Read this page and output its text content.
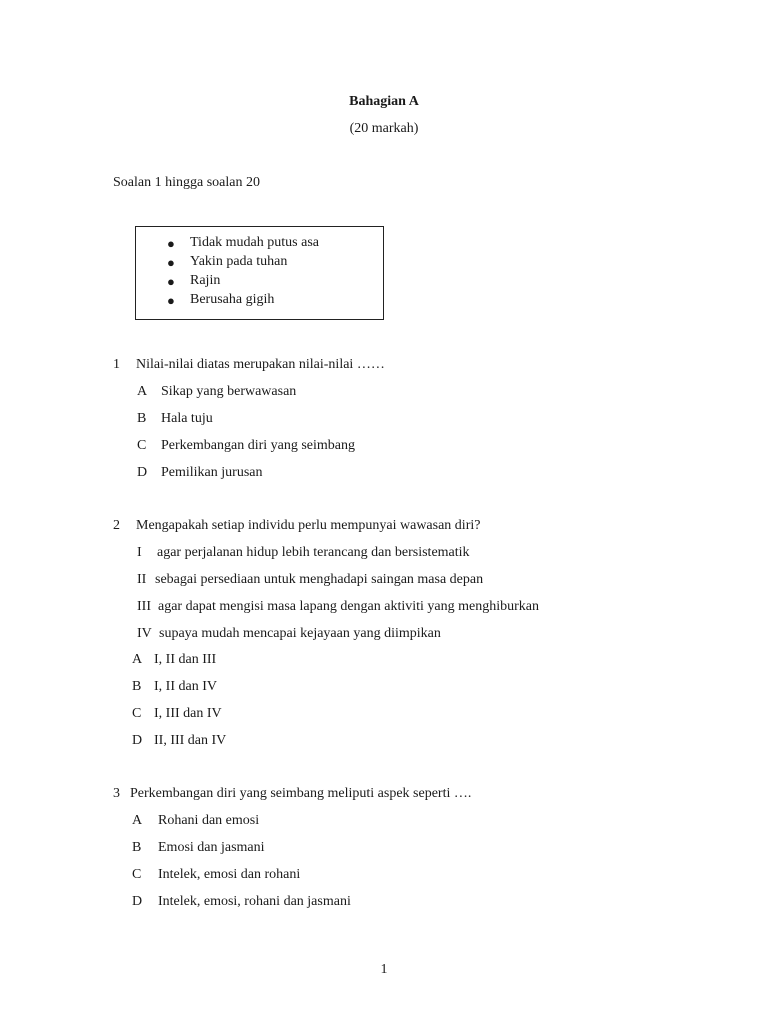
Bahagian A
(20 markah)
Soalan 1 hingga soalan 20
● Tidak mudah putus asa
● Yakin pada tuhan
● Rajin
● Berusaha gigih
1 Nilai-nilai diatas merupakan nilai-nilai ……
A Sikap yang berwawasan
B Hala tuju
C Perkembangan diri yang seimbang
D Pemilikan jurusan
2 Mengapakah setiap individu perlu mempunyai wawasan diri?
I agar perjalanan hidup lebih terancang dan bersistematik
II sebagai persediaan untuk menghadapi saingan masa depan
III agar dapat mengisi masa lapang dengan aktiviti yang menghiburkan
IV supaya mudah mencapai kejayaan yang diimpikan
A I, II dan III
B I, II dan IV
C I, III dan IV
D II, III dan IV
3 Perkembangan diri yang seimbang meliputi aspek seperti ….
A Rohani dan emosi
B Emosi dan jasmani
C Intelek, emosi dan rohani
D Intelek, emosi, rohani dan jasmani
1
